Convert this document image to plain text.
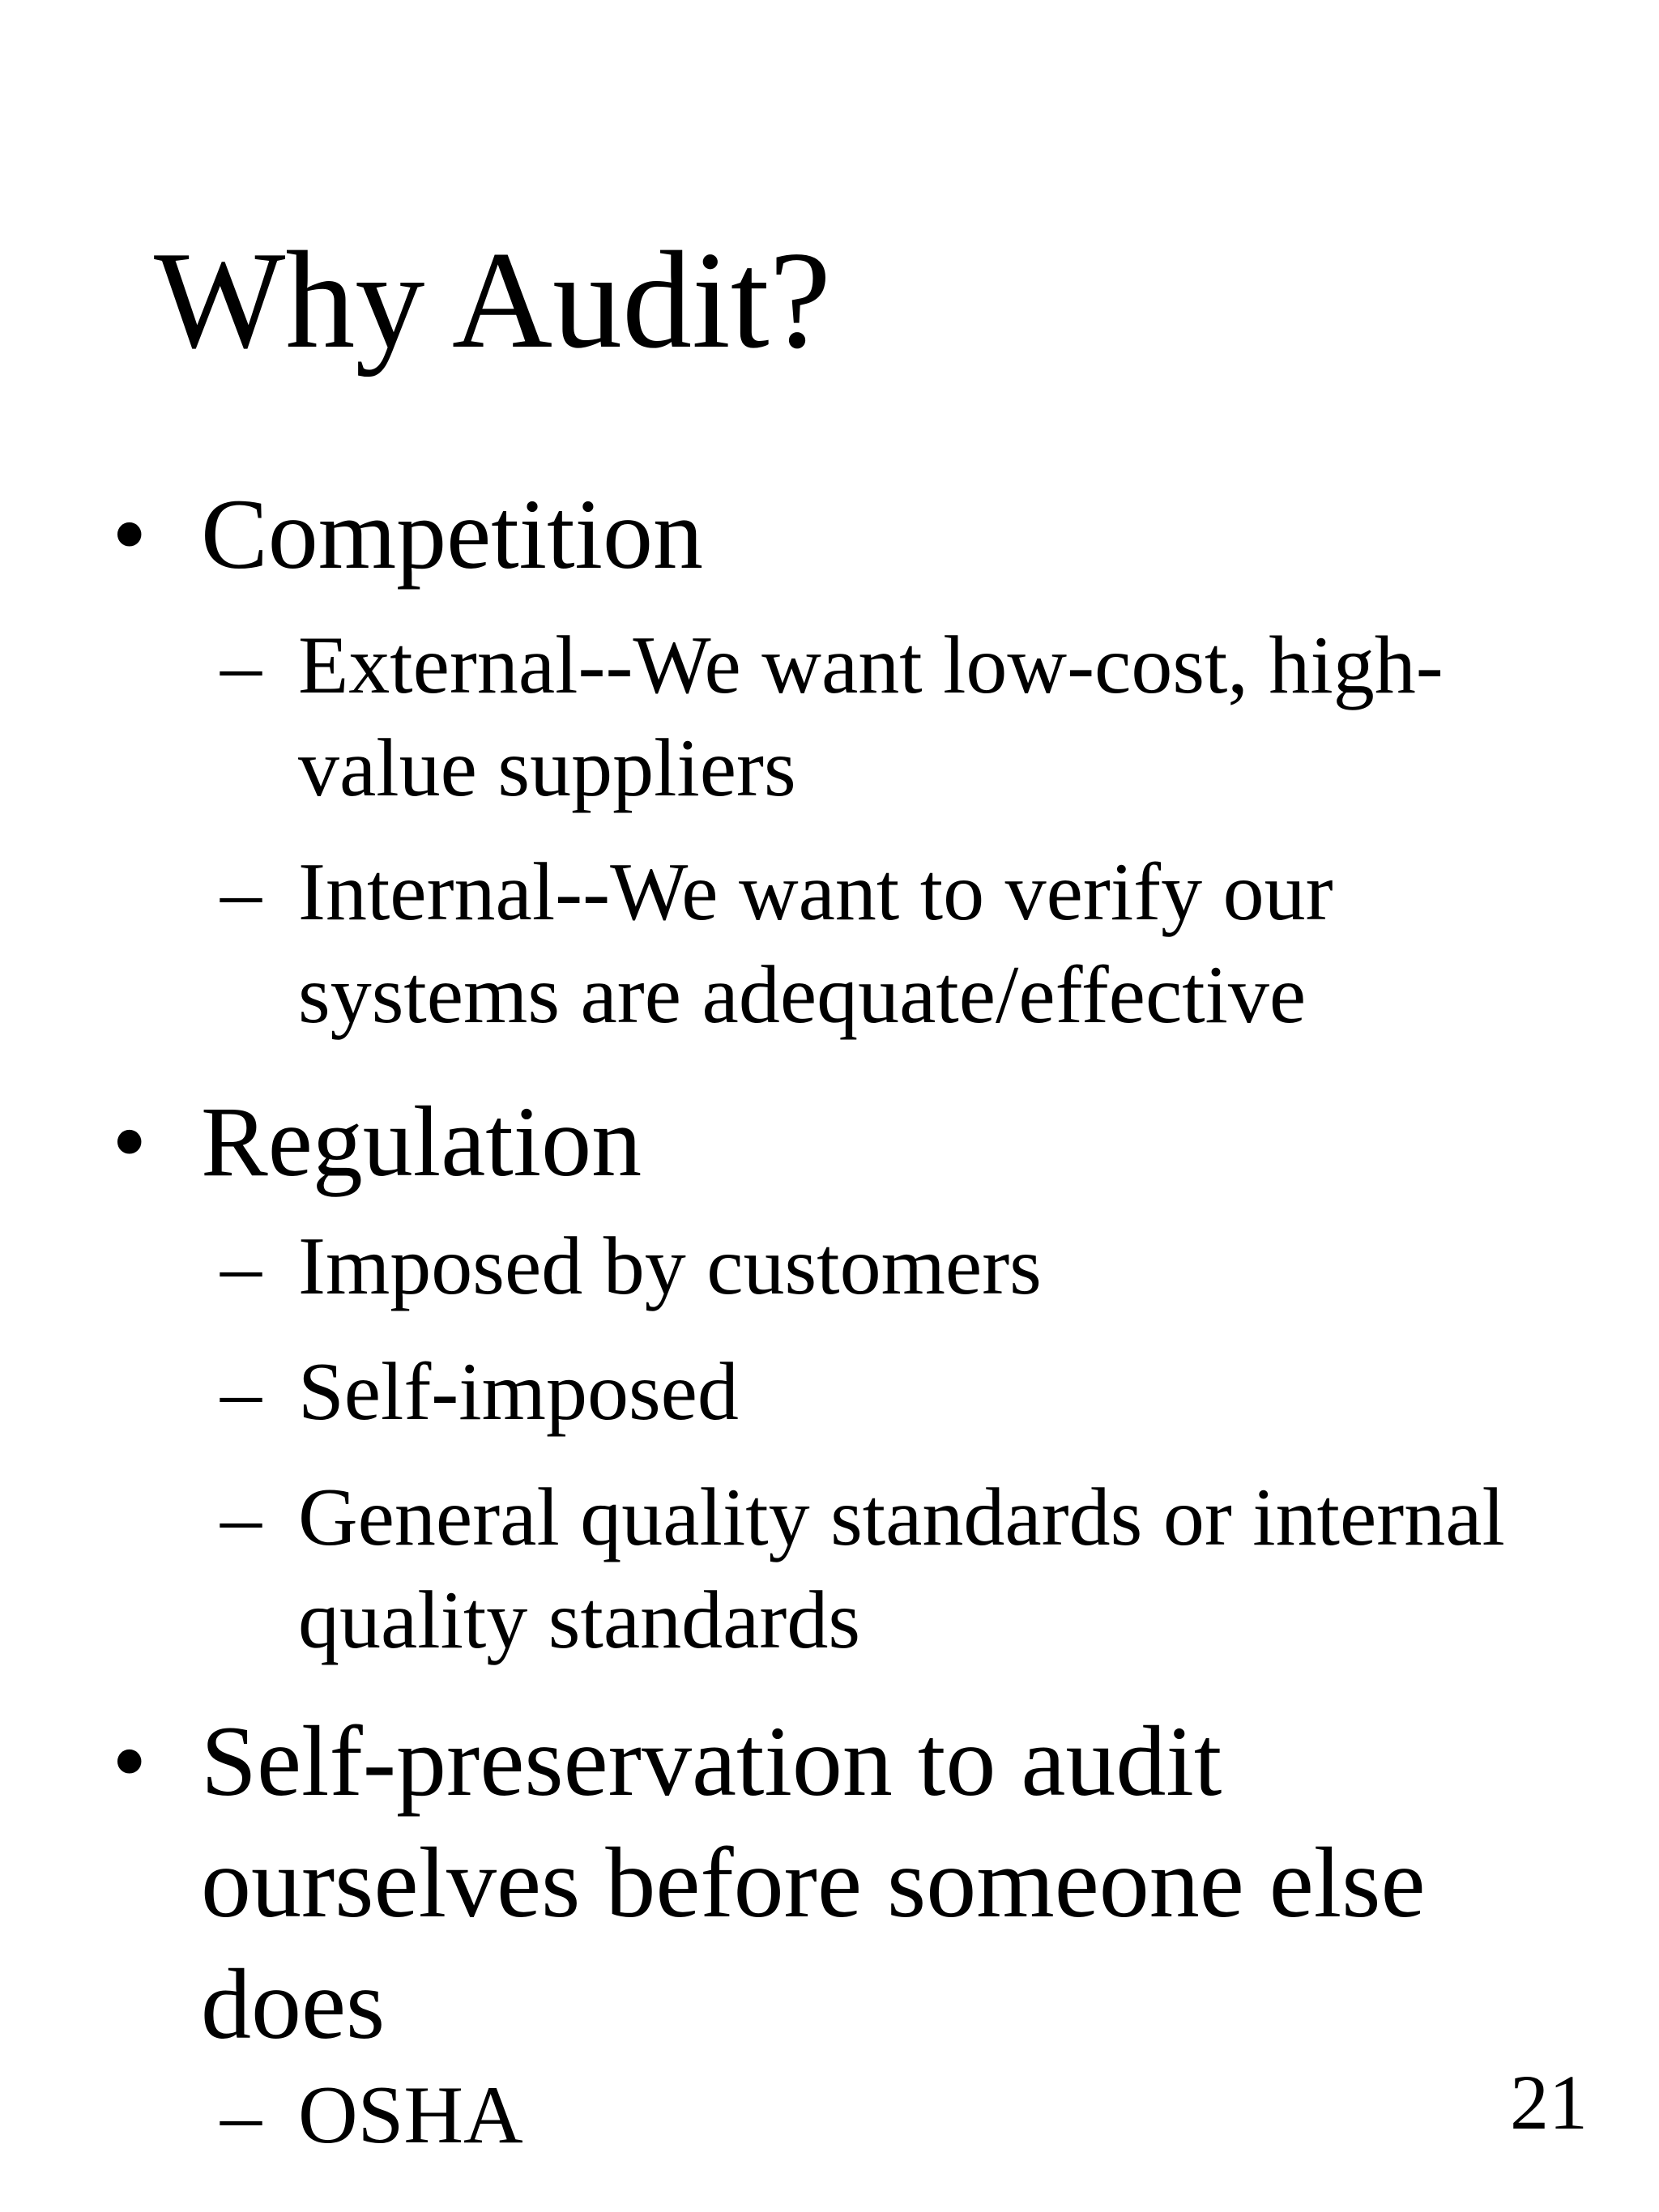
Why Audit?
• Competition
– External--We want low-cost, high-value suppliers
– Internal--We want to verify our systems are adequate/effective
• Regulation
– Imposed by customers
– Self-imposed
– General quality standards or internal quality standards
• Self-preservation to audit ourselves before someone else does
– OSHA	21
